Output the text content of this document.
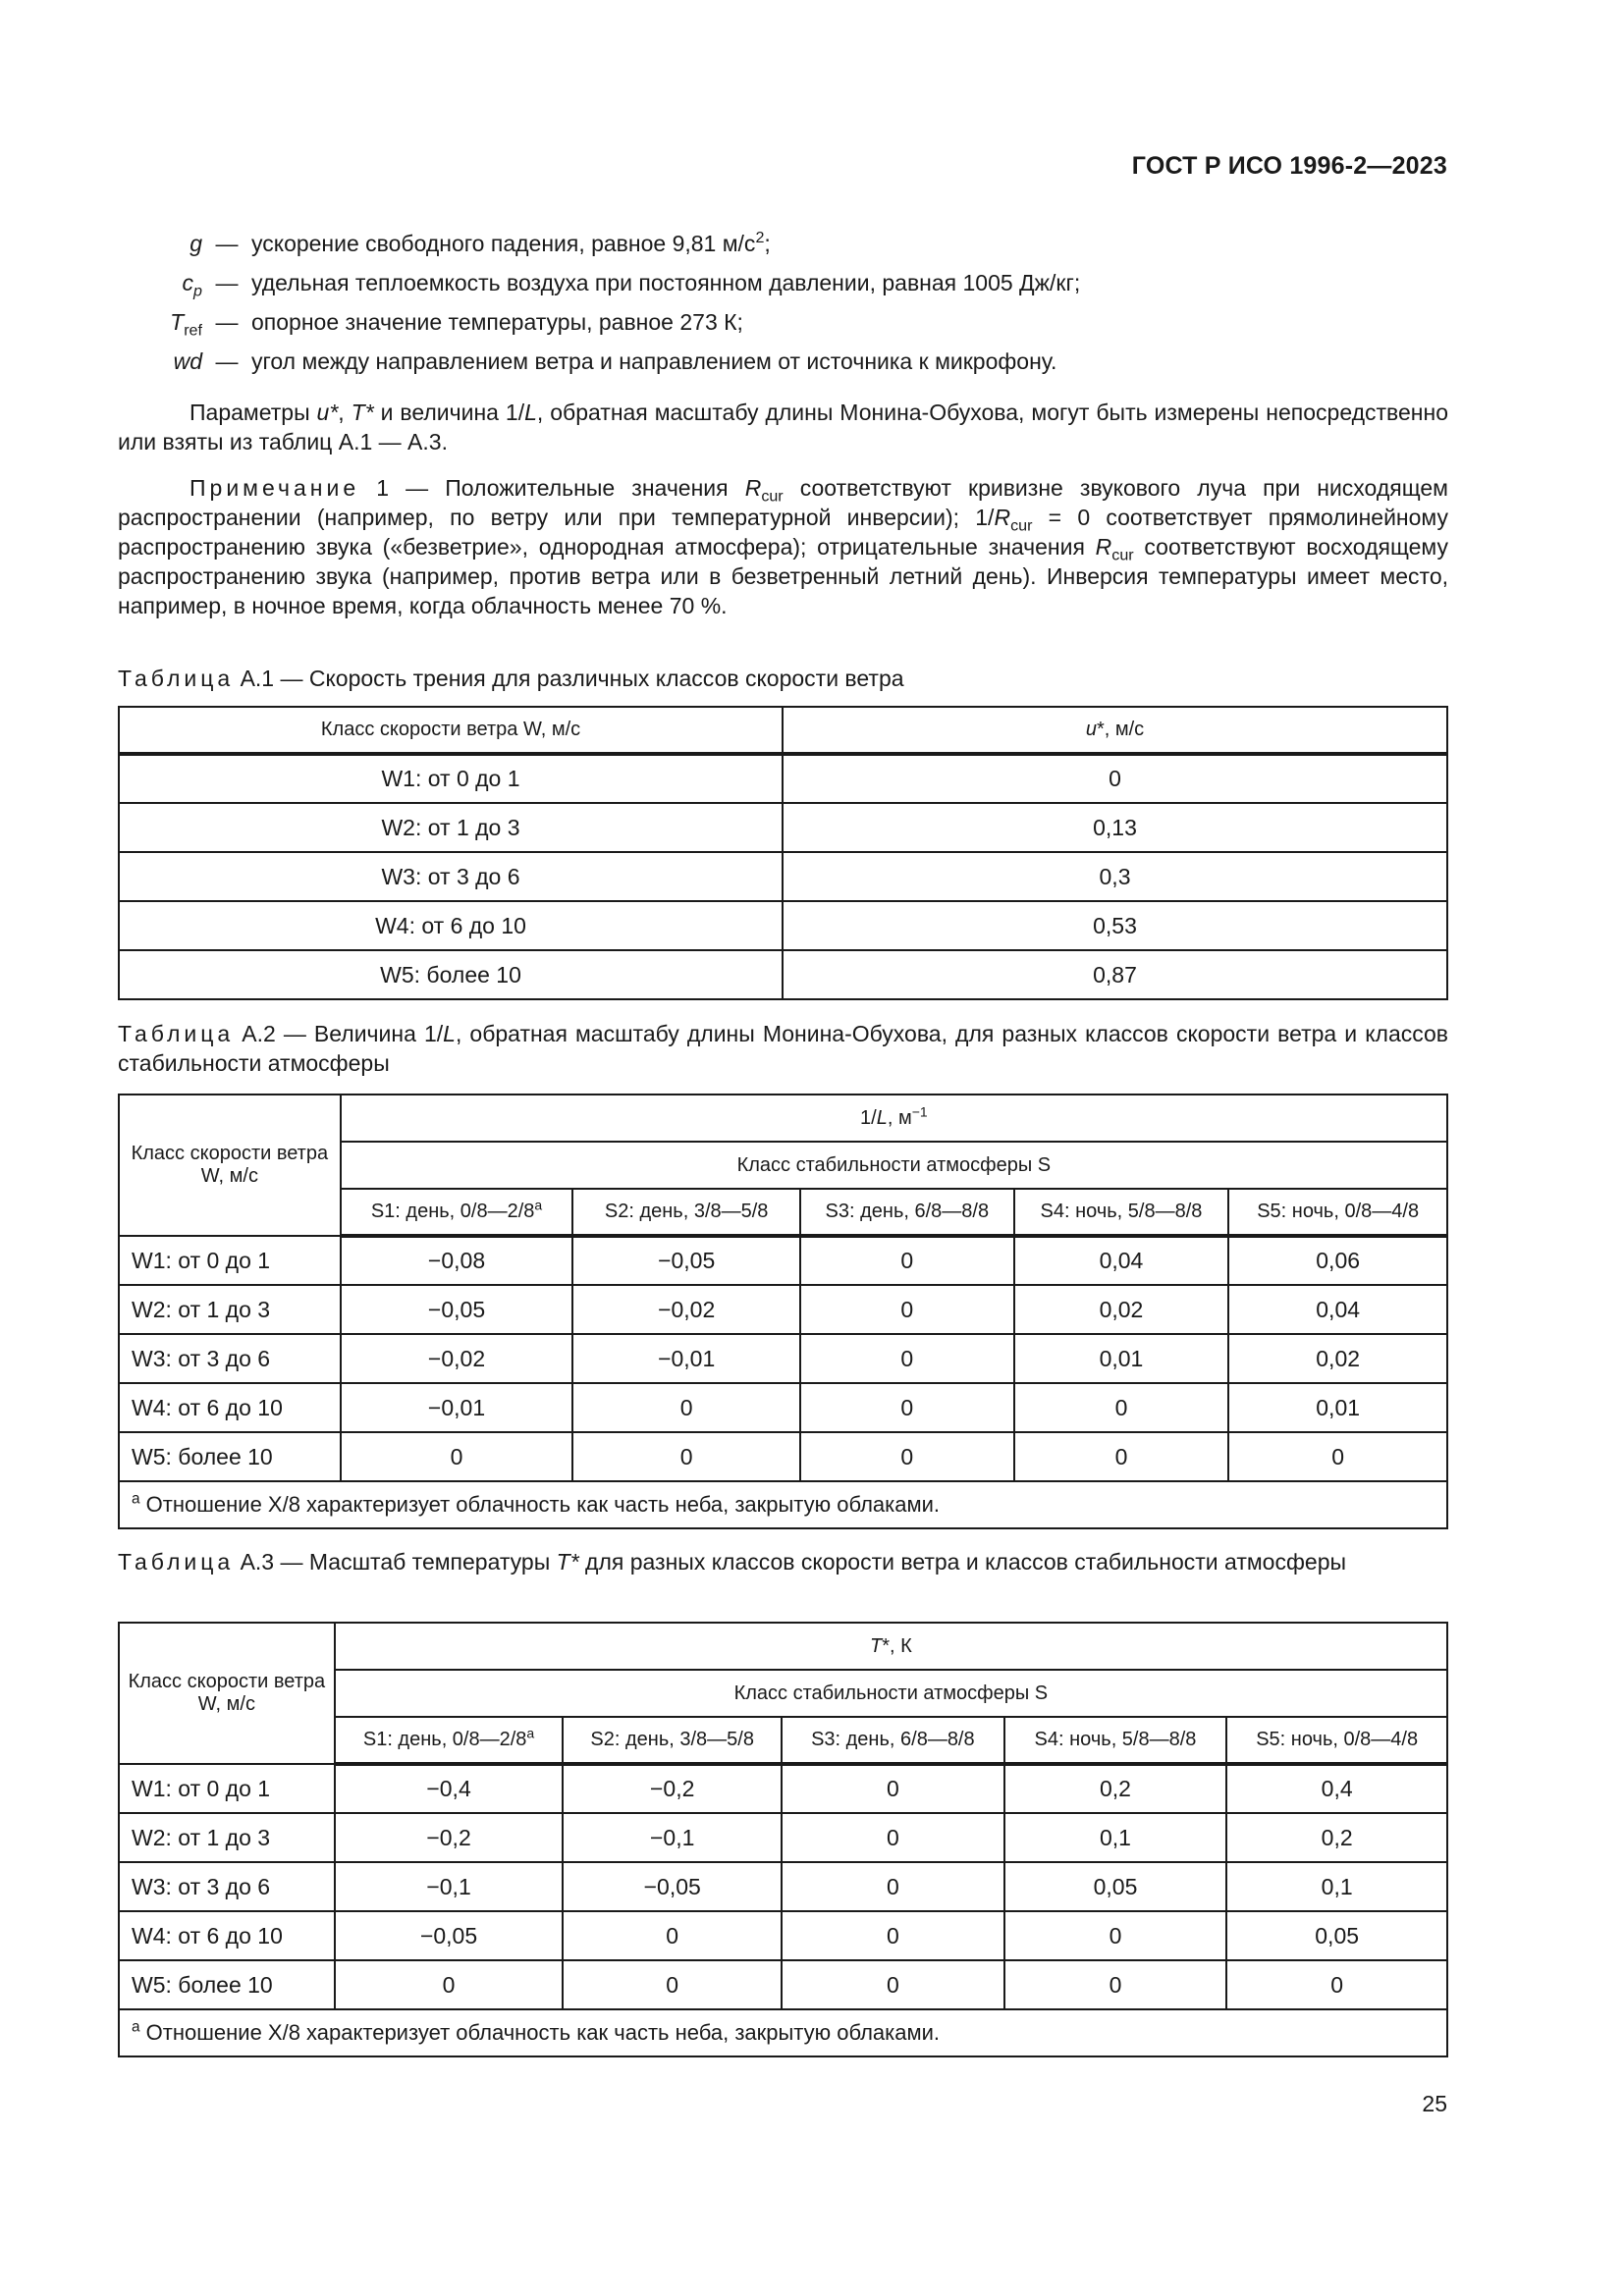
ГОСТ Р ИСО 1996-2—2023
g — ускорение свободного падения, равное 9,81 $м/с^2$;
$c_p$ — удельная теплоемкость воздуха при постоянном давлении, равная 1005 Дж/кг;
$T_{ref}$ — опорное значение температуры, равное 273 К;
wd — угол между направлением ветра и направлением от источника к микрофону.
Параметры u*, T* и величина 1/L, обратная масштабу длины Монина-Обухова, могут быть измерены непосредственно или взяты из таблиц А.1 — А.3.
Примечание 1 — Положительные значения $R_{cur}$ соответствуют кривизне звукового луча при нисходящем распространении (например, по ветру или при температурной инверсии); $1/R_{cur} = 0$ соответствует прямолинейному распространению звука («безветрие», однородная атмосфера); отрицательные значения $R_{cur}$ соответствуют восходящему распространению звука (например, против ветра или в безветренный летний день). Инверсия температуры имеет место, например, в ночное время, когда облачность менее 70 %.
Таблица А.1 — Скорость трения для различных классов скорости ветра
Класс скорости ветра W, м/с	u*, м/с
W1: от 0 до 1	0
W2: от 1 до 3	0,13
W3: от 3 до 6	0,3
W4: от 6 до 10	0,53
W5: более 10	0,87
Таблица А.2 — Величина 1/L, обратная масштабу длины Монина-Обухова, для разных классов скорости ветра и классов стабильности атмосферы
Класс скорости ветра W, м/с	1/L, $м^{-1}$
	Класс стабильности атмосферы S				
	S1: день, 0/8—2/8$^a$	S2: день, 3/8—5/8	S3: день, 6/8—8/8	S4: ночь, 5/8—8/8	S5: ночь, 0/8—4/8
W1: от 0 до 1	−0,08	−0,05	0	0,04	0,06
W2: от 1 до 3	−0,05	−0,02	0	0,02	0,04
W3: от 3 до 6	−0,02	−0,01	0	0,01	0,02
W4: от 6 до 10	−0,01	0	0	0	0,01
W5: более 10	0	0	0	0	0
$^a$ Отношение X/8 характеризует облачность как часть неба, закрытую облаками.					
Таблица А.3 — Масштаб температуры T* для разных классов скорости ветра и классов стабильности атмосферы
Класс скорости ветра W, м/с	T*, К				
	Класс стабильности атмосферы S				
	S1: день, 0/8—2/8$^a$	S2: день, 3/8—5/8	S3: день, 6/8—8/8	S4: ночь, 5/8—8/8	S5: ночь, 0/8—4/8
W1: от 0 до 1	−0,4	−0,2	0	0,2	0,4
W2: от 1 до 3	−0,2	−0,1	0	0,1	0,2
W3: от 3 до 6	−0,1	−0,05	0	0,05	0,1
W4: от 6 до 10	−0,05	0	0	0	0,05
W5: более 10	0	0	0	0	0
$^a$ Отношение X/8 характеризует облачность как часть неба, закрытую облаками.					
25
